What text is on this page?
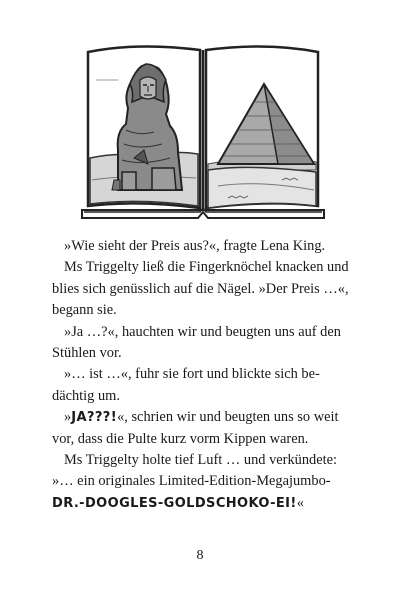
»Wie sieht der Preis aus?«, fragte Lena King.

Ms Triggelty ließ die Fingerknöchel knacken und blies sich genüsslich auf die Nägel. »Der Preis …«, begann sie.

»Ja …?«, hauchten wir und beugten uns auf den Stühlen vor.

»… ist …«, fuhr sie fort und blickte sich bedächtig um.

»JA???!«, schrien wir und beugten uns so weit vor, dass die Pulte kurz vorm Kippen waren.

Ms Triggelty holte tief Luft … und verkündete: »… ein originales Limited-Edition-Megajumbo-DR.-DOOGLES-GOLDSCHOKO-EI!«

8
